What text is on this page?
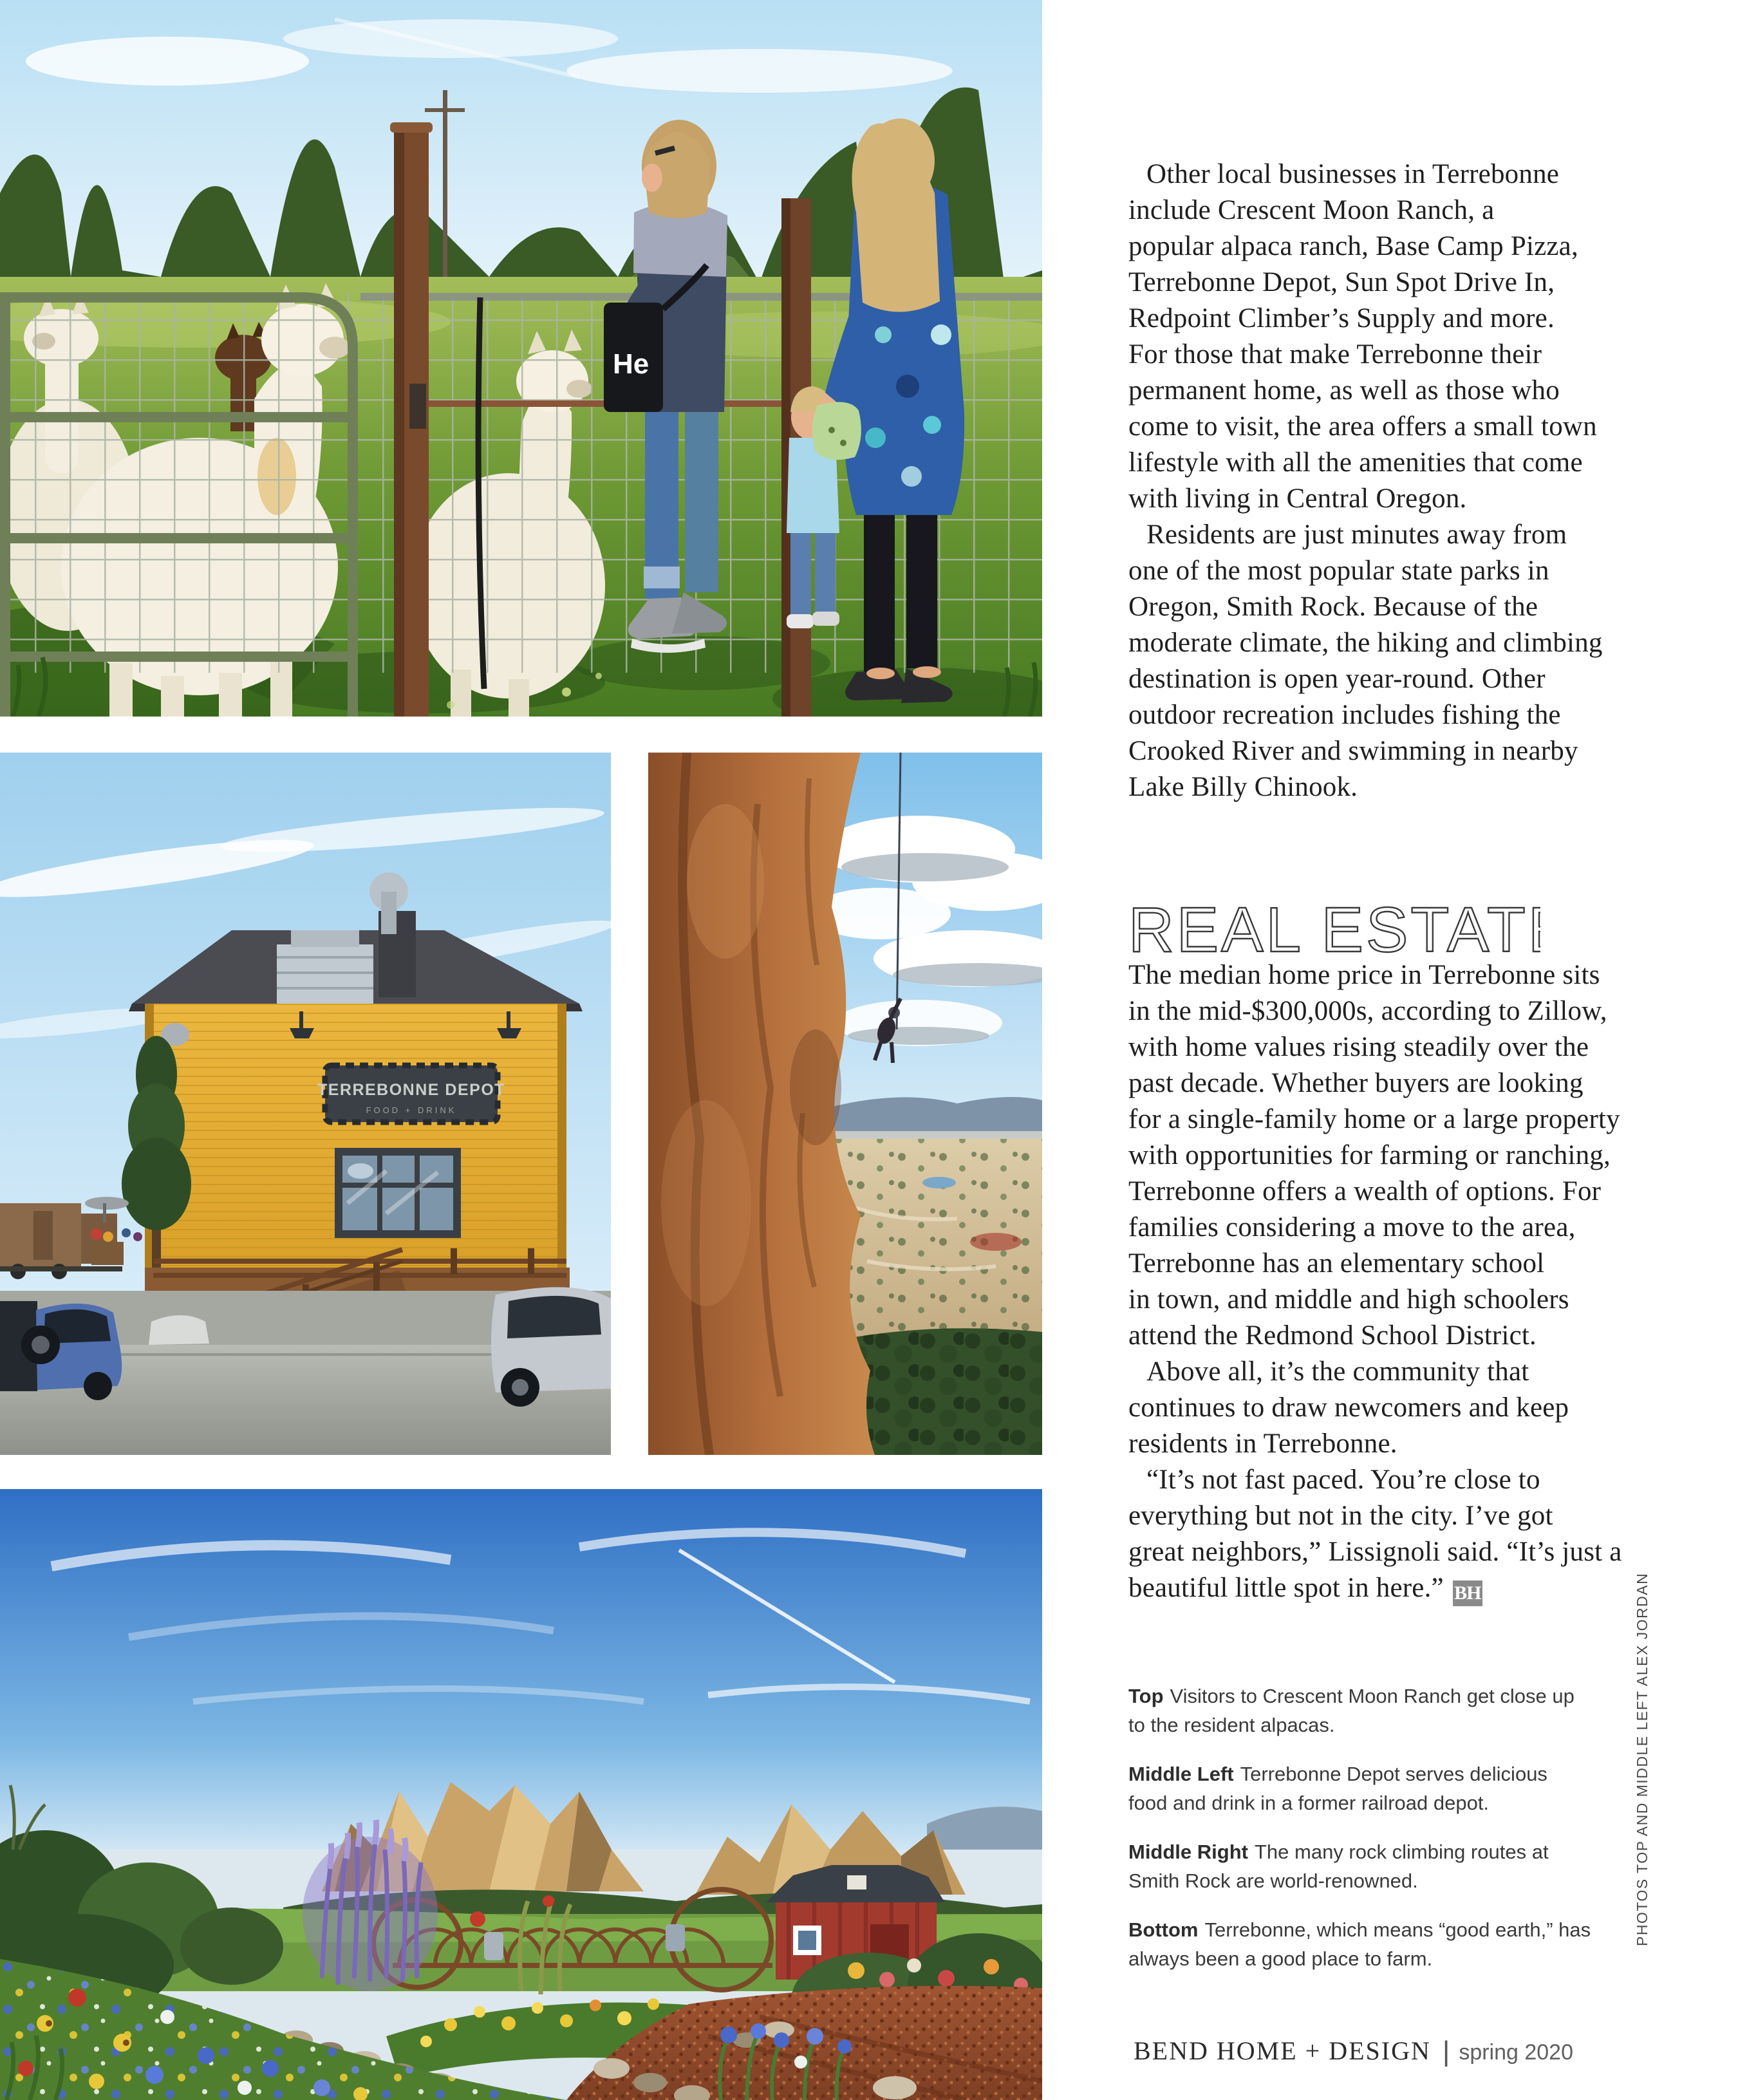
He
TERREBONNE DEPOT
FOOD + DRINK
Other local businesses in Terrebonne
include Crescent Moon Ranch, a
popular alpaca ranch, Base Camp Pizza,
Terrebonne Depot, Sun Spot Drive In,
Redpoint Climber’s Supply and more.
For those that make Terrebonne their
permanent home, as well as those who
come to visit, the area offers a small town
lifestyle with all the amenities that come
with living in Central Oregon.
Residents are just minutes away from
one of the most popular state parks in
Oregon, Smith Rock. Because of the
moderate climate, the hiking and climbing
destination is open year-round. Other
outdoor recreation includes fishing the
Crooked River and swimming in nearby
Lake Billy Chinook.
REAL ESTATE
The median home price in Terrebonne sits
in the mid-$300,000s, according to Zillow,
with home values rising steadily over the
past decade. Whether buyers are looking
for a single-family home or a large property
with opportunities for farming or ranching,
Terrebonne offers a wealth of options. For
families considering a move to the area,
Terrebonne has an elementary school
in town, and middle and high schoolers
attend the Redmond School District.
Above all, it’s the community that
continues to draw newcomers and keep
residents in Terrebonne.
“It’s not fast paced. You’re close to
everything but not in the city. I’ve got
great neighbors,” Lissignoli said. “It’s just a
beautiful little spot in here.” BH
Top Visitors to Crescent Moon Ranch get close up
to the resident alpacas.
Middle Left Terrebonne Depot serves delicious
food and drink in a former railroad depot.
Middle Right The many rock climbing routes at
Smith Rock are world-renowned.
Bottom Terrebonne, which means “good earth,” has
always been a good place to farm.
PHOTOS TOP AND MIDDLE LEFT ALEX JORDAN
BEND HOME + DESIGN | spring 2020
